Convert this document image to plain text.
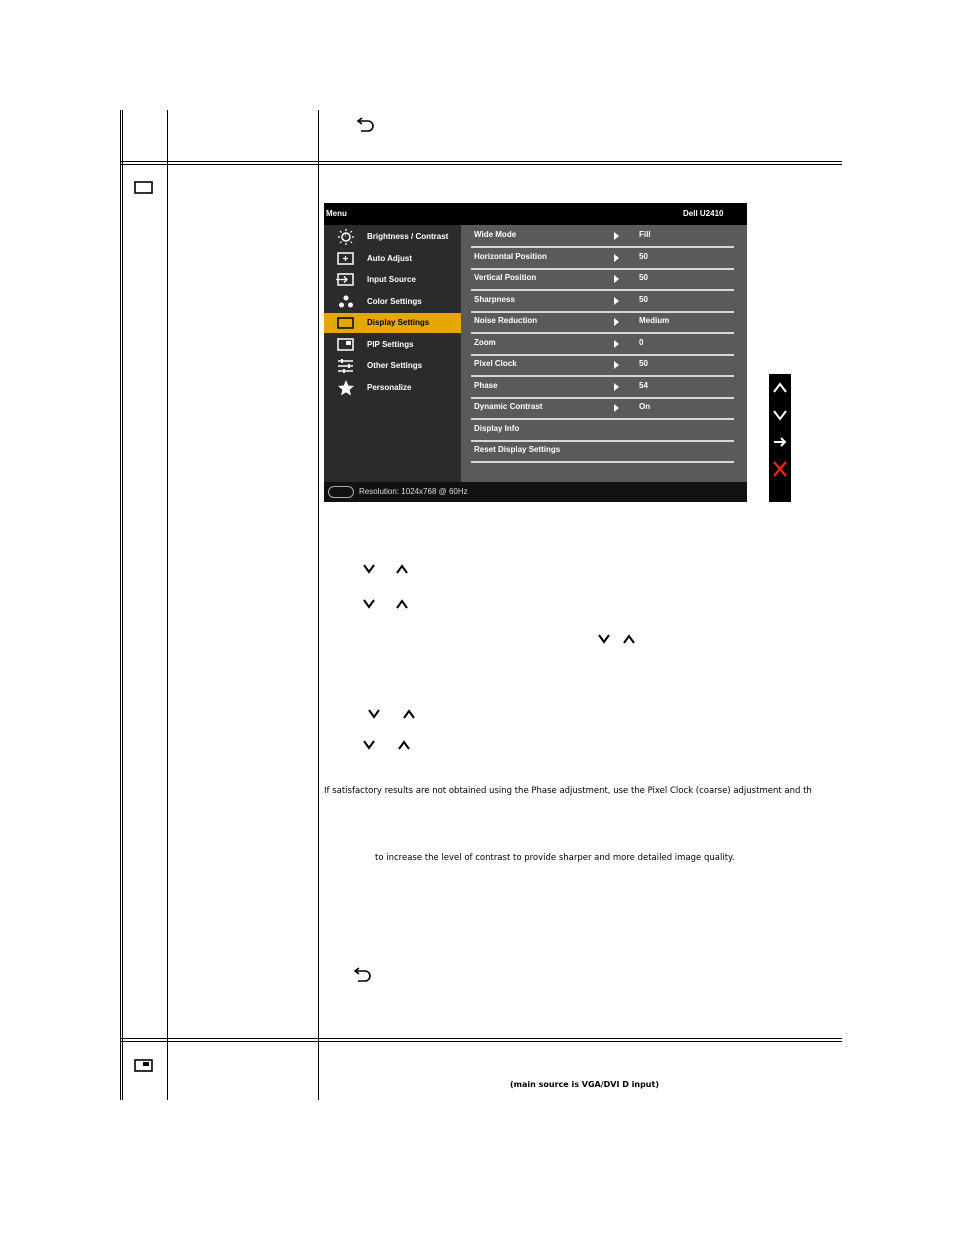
Menu	Dell U2410
Brightness / Contrast
Auto Adjust
Input Source
Color Settings
Display Settings
PIP Settings
Other Settings
Personalize
Wide Mode	Fill
Horizontal Position	50
Vertical Position	50
Sharpness	50
Noise Reduction	Medium
Zoom	0
Pixel Clock	50
Phase	54
Dynamic Contrast	On
Display Info
Reset Display Settings
Resolution: 1024x768 @ 60Hz
If satisfactory results are not obtained using the Phase adjustment, use the Pixel Clock (coarse) adjustment and th
to increase the level of contrast to provide sharper and more detailed image quality.
(main source is VGA/DVI D input)
